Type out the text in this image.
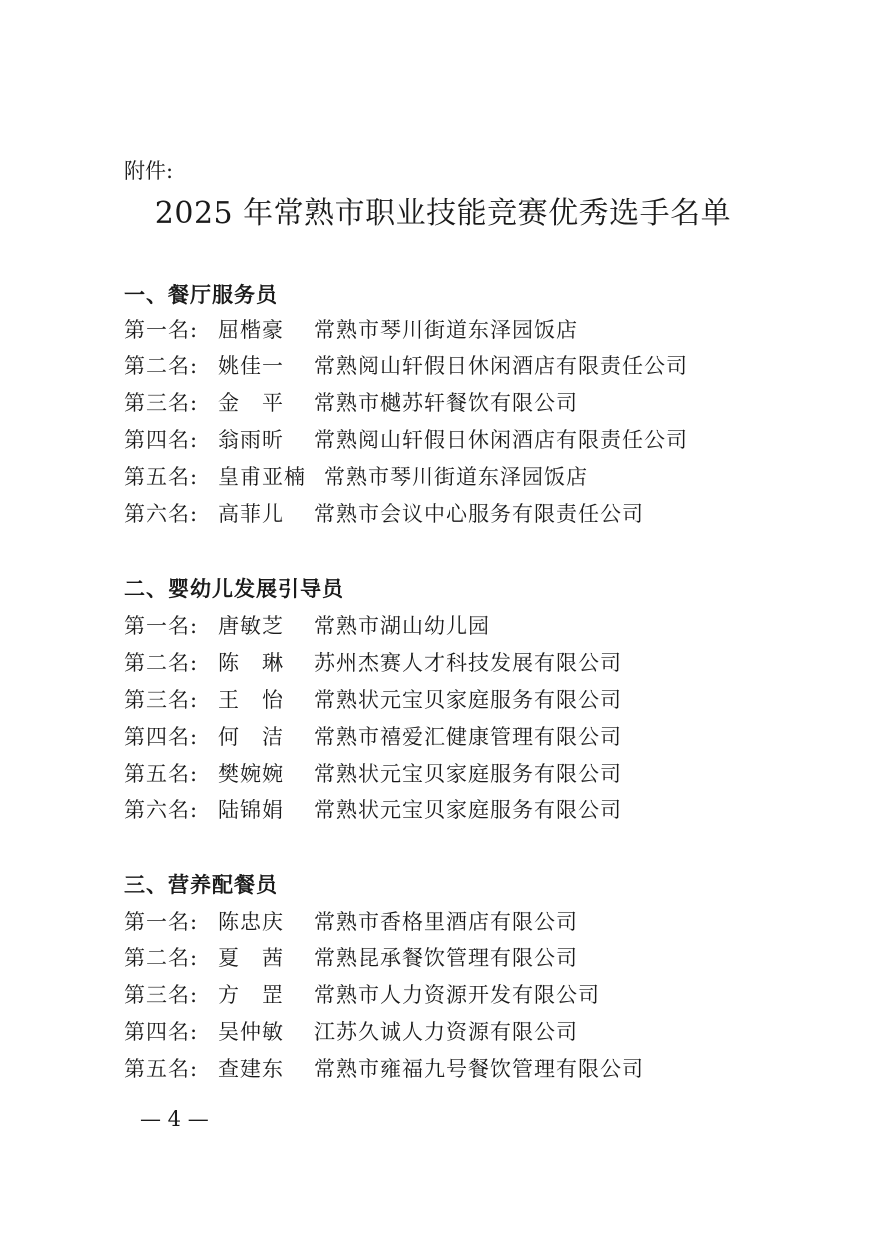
附件:
2025 年常熟市职业技能竞赛优秀选手名单
一、餐厅服务员
第一名: 屈楷豪	常熟市琴川街道东泽园饭店
第二名: 姚佳一	常熟阅山轩假日休闲酒店有限责任公司
第三名: 金　平	常熟市樾苏轩餐饮有限公司
第四名: 翁雨昕	常熟阅山轩假日休闲酒店有限责任公司
第五名: 皇甫亚楠 常熟市琴川街道东泽园饭店
第六名: 高菲儿	常熟市会议中心服务有限责任公司
二、婴幼儿发展引导员
第一名: 唐敏芝	常熟市湖山幼儿园
第二名: 陈　琳	苏州杰赛人才科技发展有限公司
第三名: 王　怡	常熟状元宝贝家庭服务有限公司
第四名: 何　洁	常熟市禧爱汇健康管理有限公司
第五名: 樊婉婉	常熟状元宝贝家庭服务有限公司
第六名: 陆锦娟	常熟状元宝贝家庭服务有限公司
三、营养配餐员
第一名: 陈忠庆	常熟市香格里酒店有限公司
第二名: 夏　茜	常熟昆承餐饮管理有限公司
第三名: 方　罡	常熟市人力资源开发有限公司
第四名: 吴仲敏	江苏久诚人力资源有限公司
第五名: 查建东	常熟市雍福九号餐饮管理有限公司
— 4 —
